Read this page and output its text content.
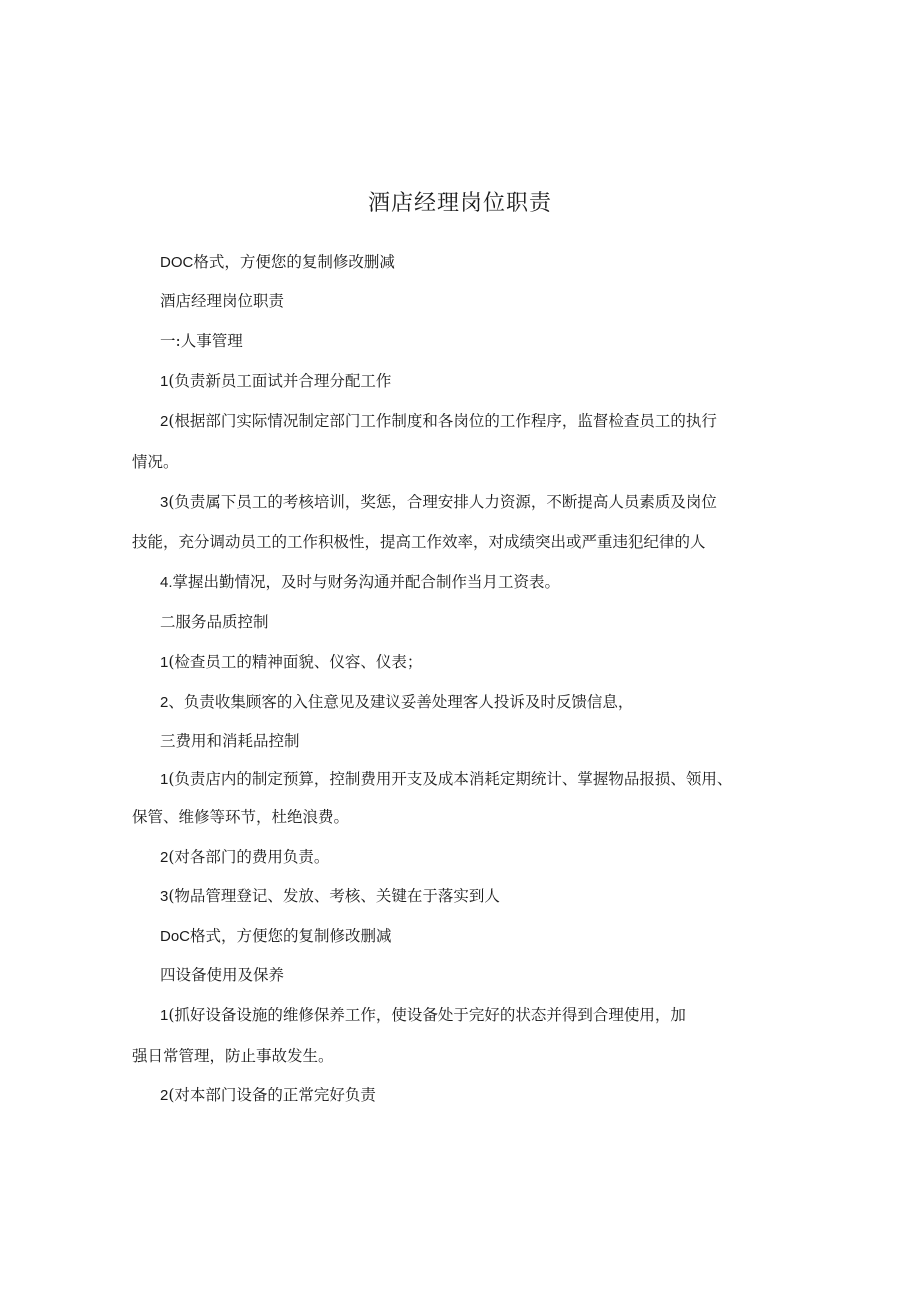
酒店经理岗位职责
DOC格式，方便您的复制修改删减
酒店经理岗位职责
一:人事管理
1(负责新员工面试并合理分配工作
2(根据部门实际情况制定部门工作制度和各岗位的工作程序，监督检查员工的执行
情况。
3(负责属下员工的考核培训，奖惩，合理安排人力资源，不断提高人员素质及岗位
技能，充分调动员工的工作积极性，提高工作效率，对成绩突出或严重违犯纪律的人
4.掌握出勤情况，及时与财务沟通并配合制作当月工资表。
二服务品质控制
1(检查员工的精神面貌、仪容、仪表；
2、负责收集顾客的入住意见及建议妥善处理客人投诉及时反馈信息，
三费用和消耗品控制
1(负责店内的制定预算，控制费用开支及成本消耗定期统计、掌握物品报损、领用、
保管、维修等环节，杜绝浪费。
2(对各部门的费用负责。
3(物品管理登记、发放、考核、关键在于落实到人
DoC格式，方便您的复制修改删减
四设备使用及保养
1(抓好设备设施的维修保养工作，使设备处于完好的状态并得到合理使用，加
强日常管理，防止事故发生。
2(对本部门设备的正常完好负责
